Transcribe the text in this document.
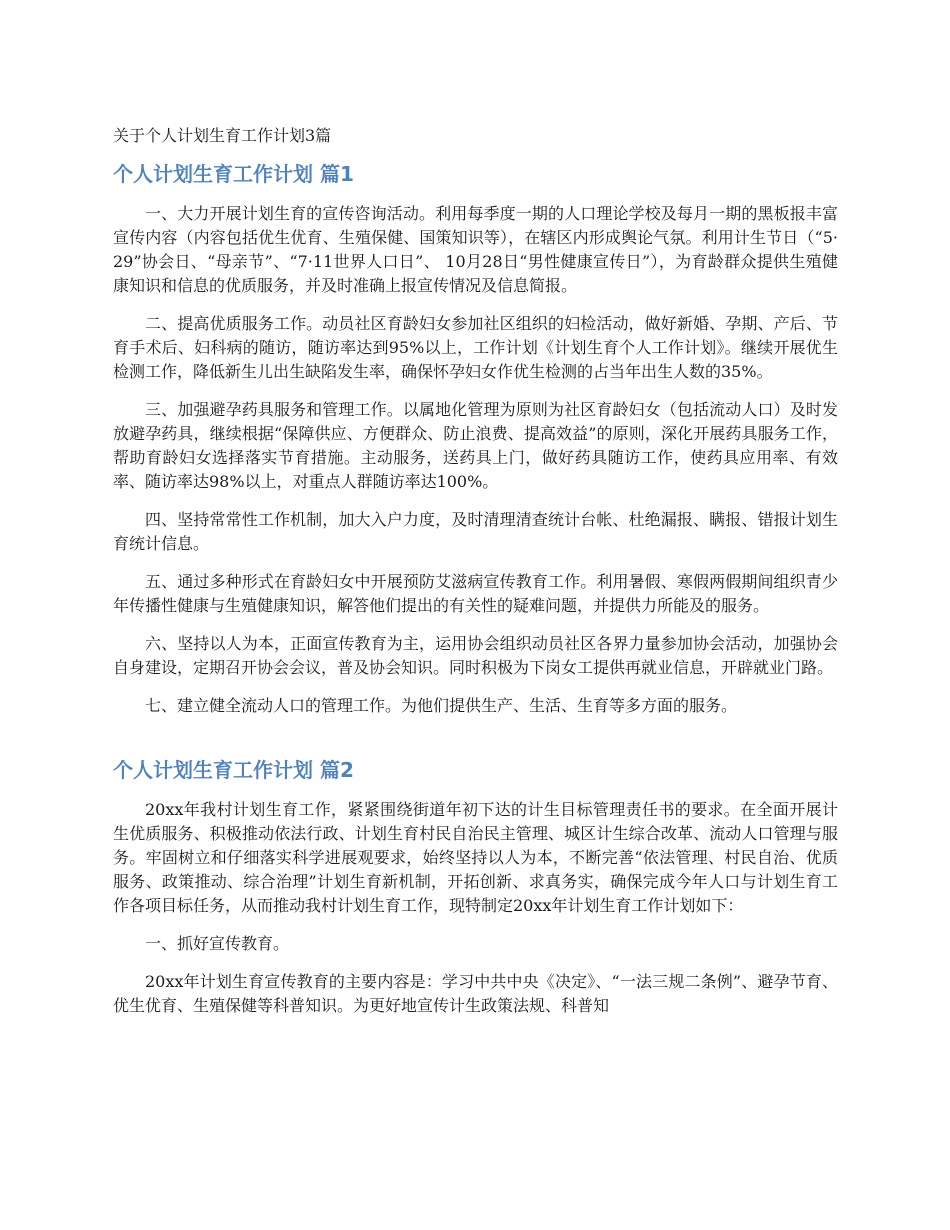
关于个人计划生育工作计划3篇
个人计划生育工作计划 篇1

一、大力开展计划生育的宣传咨询活动。利用每季度一期的人口理论学校及每月一期的黑板报丰富宣传内容（内容包括优生优育、生殖保健、国策知识等），在辖区内形成舆论气氛。利用计生节日（“5·29”协会日、“母亲节”、“7·11世界人口日”、 10月28日“男性健康宣传日”），为育龄群众提供生殖健康知识和信息的优质服务，并及时准确上报宣传情况及信息简报。

二、提高优质服务工作。动员社区育龄妇女参加社区组织的妇检活动，做好新婚、孕期、产后、节育手术后、妇科病的随访，随访率达到95%以上，工作计划《计划生育个人工作计划》。继续开展优生检测工作，降低新生儿出生缺陷发生率，确保怀孕妇女作优生检测的占当年出生人数的35%。

三、加强避孕药具服务和管理工作。以属地化管理为原则为社区育龄妇女（包括流动人口）及时发放避孕药具，继续根据“保障供应、方便群众、防止浪费、提高效益”的原则，深化开展药具服务工作，帮助育龄妇女选择落实节育措施。主动服务，送药具上门，做好药具随访工作，使药具应用率、有效率、随访率达98%以上，对重点人群随访率达100%。

四、坚持常常性工作机制，加大入户力度，及时清理清查统计台帐、杜绝漏报、瞒报、错报计划生育统计信息。

五、通过多种形式在育龄妇女中开展预防艾滋病宣传教育工作。利用暑假、寒假两假期间组织青少年传播性健康与生殖健康知识，解答他们提出的有关性的疑难问题，并提供力所能及的服务。

六、坚持以人为本，正面宣传教育为主，运用协会组织动员社区各界力量参加协会活动，加强协会自身建设，定期召开协会会议，普及协会知识。同时积极为下岗女工提供再就业信息，开辟就业门路。

七、建立健全流动人口的管理工作。为他们提供生产、生活、生育等多方面的服务。

个人计划生育工作计划 篇2

20xx年我村计划生育工作，紧紧围绕街道年初下达的计生目标管理责任书的要求。在全面开展计生优质服务、积极推动依法行政、计划生育村民自治民主管理、城区计生综合改革、流动人口管理与服务。牢固树立和仔细落实科学进展观要求，始终坚持以人为本，不断完善“依法管理、村民自治、优质服务、政策推动、综合治理”计划生育新机制，开拓创新、求真务实，确保完成今年人口与计划生育工作各项目标任务，从而推动我村计划生育工作，现特制定20xx年计划生育工作计划如下：

一、抓好宣传教育。

20xx年计划生育宣传教育的主要内容是：学习中共中央《决定》、“一法三规二条例”、避孕节育、优生优育、生殖保健等科普知识。为更好地宣传计生政策法规、科普知
